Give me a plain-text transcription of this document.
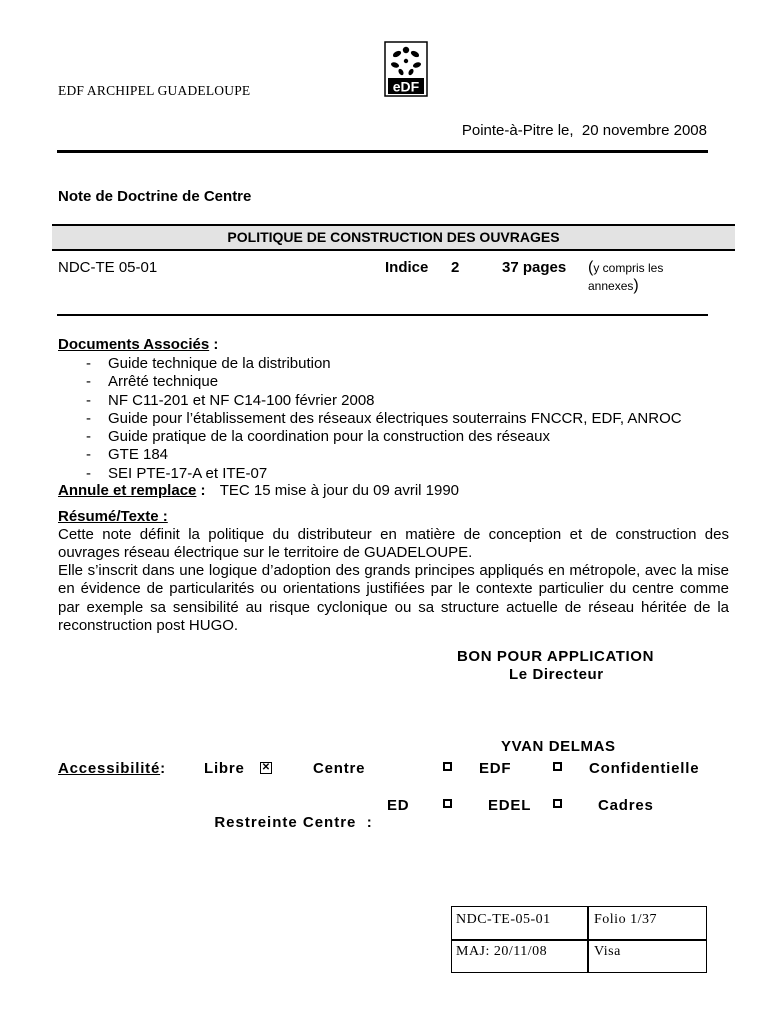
EDF ARCHIPEL GUADELOUPE	eDF
Pointe-à-Pitre le,  20 novembre 2008
Note de Doctrine de Centre
POLITIQUE DE CONSTRUCTION DES OUVRAGES
NDC-TE 05-01	Indice 2	37 pages (y compris les annexes)
Documents Associés :
- Guide technique de la distribution
- Arrêté technique
- NF C11-201 et NF C14-100 février 2008
- Guide pour l’établissement des réseaux électriques souterrains FNCCR, EDF, ANROC
- Guide pratique de la coordination pour la construction des réseaux
- GTE 184
- SEI PTE-17-A et ITE-07
Annule et remplace : TEC 15 mise à jour du 09 avril 1990
Résumé/Texte :
Cette note définit la politique du distributeur en matière de conception et de construction des ouvrages réseau électrique sur le territoire de GUADELOUPE.
Elle s’inscrit dans une logique d’adoption des grands principes appliqués en métropole, avec la mise en évidence de particularités ou orientations justifiées par le contexte particulier du centre comme par exemple sa sensibilité au risque cyclonique ou sa structure actuelle de réseau héritée de la reconstruction post HUGO.
BON POUR APPLICATION
Le Directeur
YVAN DELMAS
Accessibilité:	Libre ✕	Centre	EDF	Confidentielle

Restreinte Centre  :

ED	EDEL	Cadres
NDC-TE-05-01	Folio 1/37
MAJ: 20/11/08	Visa
